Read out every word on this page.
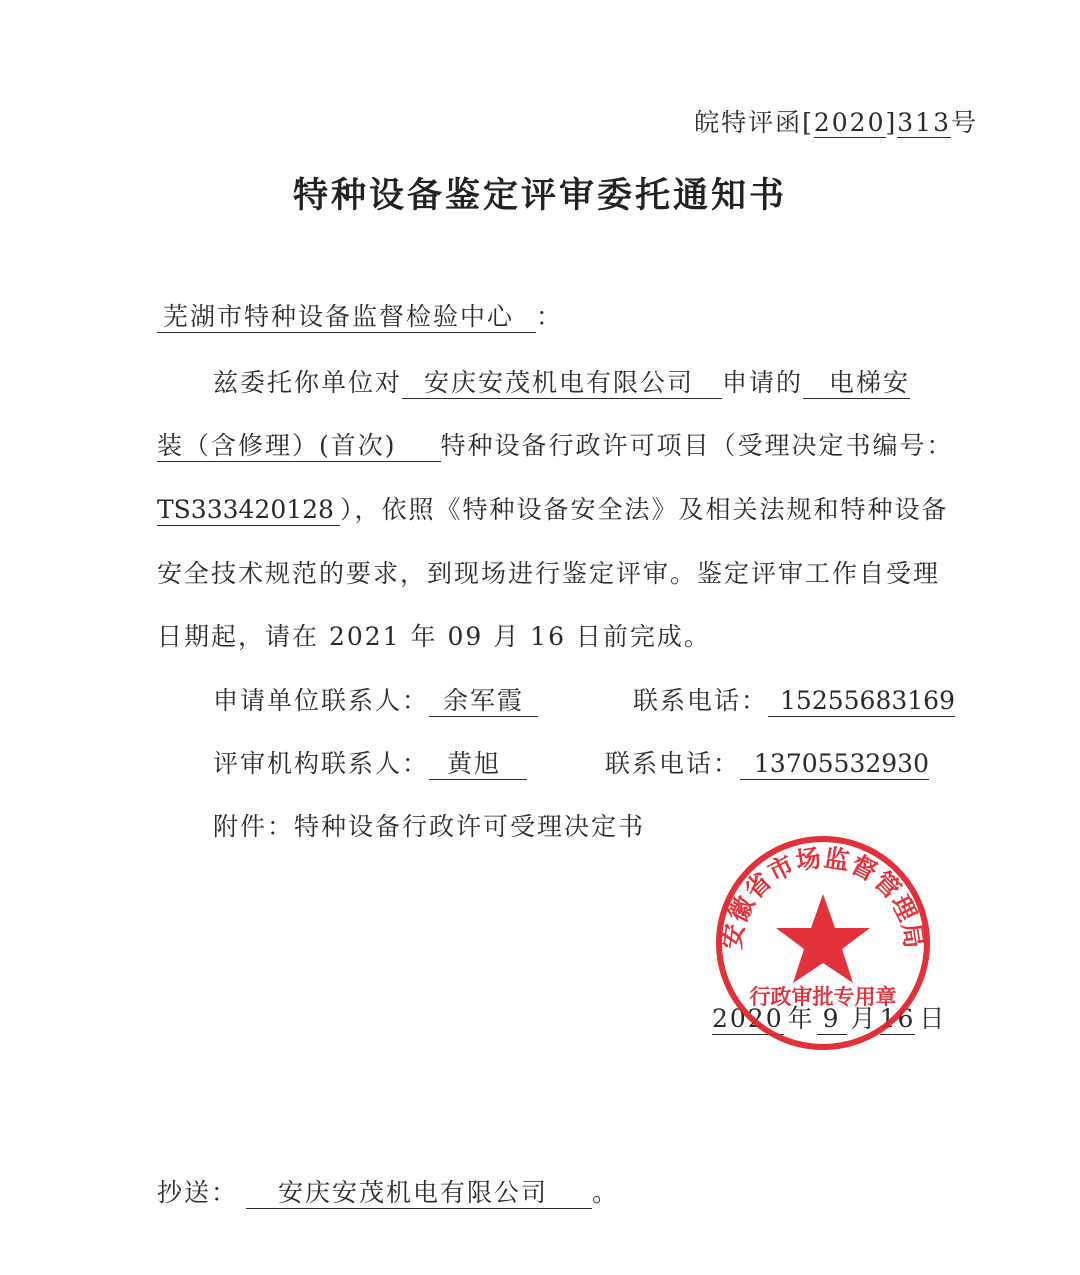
皖特评函[2020]313号
特种设备鉴定评审委托通知书
芜湖市特种设备监督检验中心 ：
兹委托你单位对 安庆安茂机电有限公司 申请的 电梯安
装（含修理）(首次) 特种设备行政许可项目（受理决定书编号：
TS333420128 ），依照《特种设备安全法》及相关法规和特种设备
安全技术规范的要求，到现场进行鉴定评审。鉴定评审工作自受理
日期起，请在 2021 年 09 月 16 日前完成。
申请单位联系人： 余军霞	联系电话： 15255683169
评审机构联系人： 黄旭	联系电话： 13705532930
附件：特种设备行政许可受理决定书
2020 年 9 月 16 日
安徽省市场监督管理局
行政审批专用章
抄送： 安庆安茂机电有限公司 。
